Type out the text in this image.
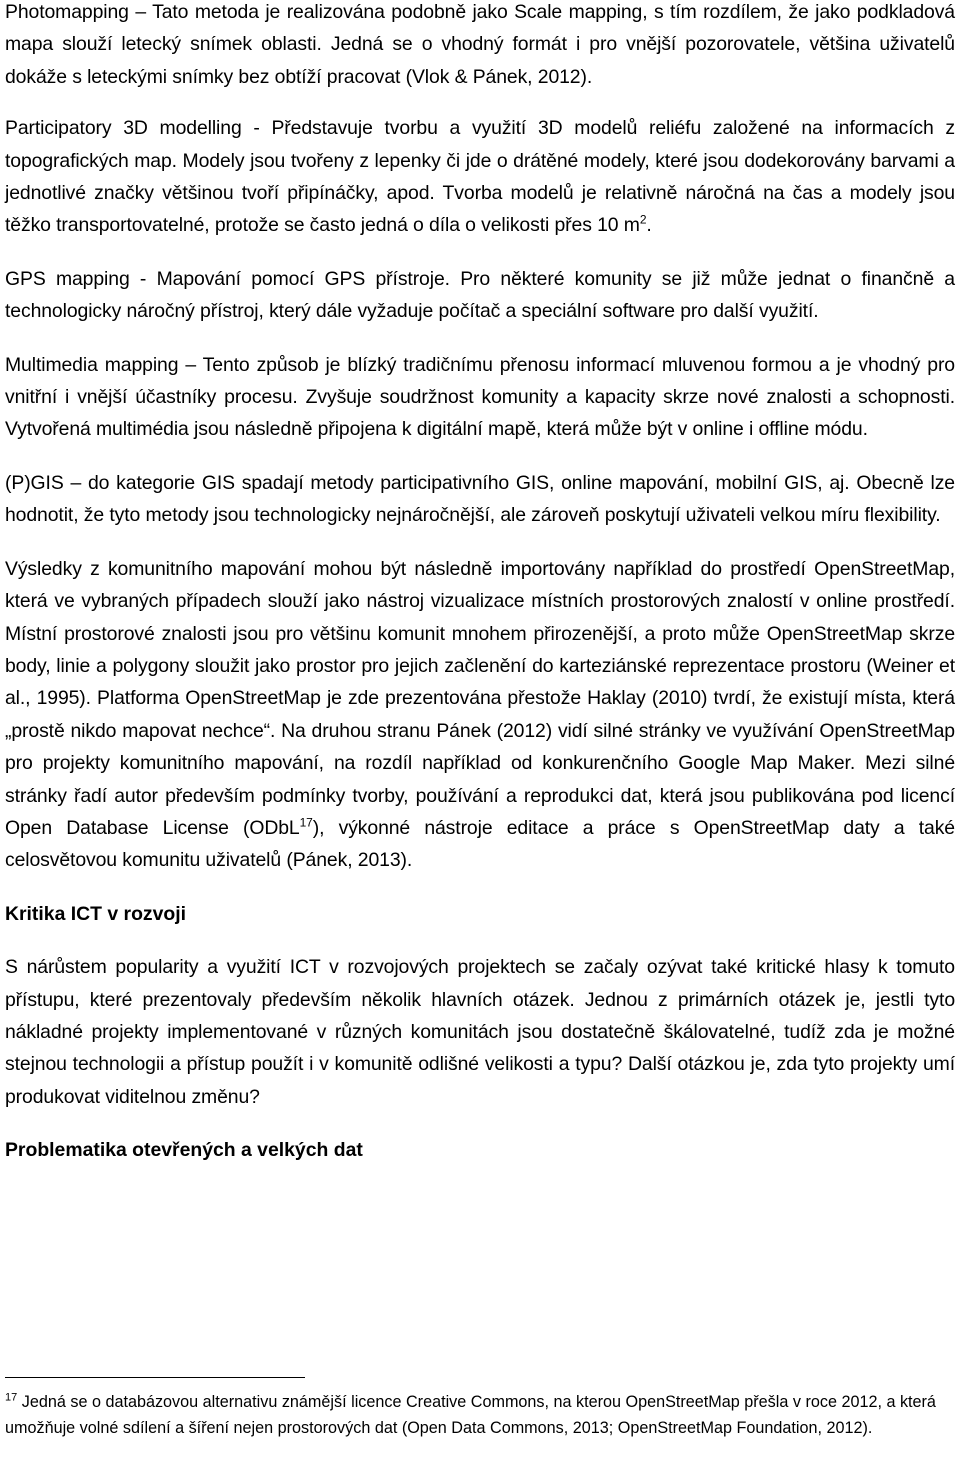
Photomapping – Tato metoda je realizována podobně jako Scale mapping, s tím rozdílem, že jako podkladová mapa slouží letecký snímek oblasti. Jedná se o vhodný formát i pro vnější pozorovatele, většina uživatelů dokáže s leteckými snímky bez obtíží pracovat (Vlok & Pánek, 2012).

Participatory 3D modelling - Představuje tvorbu a využití 3D modelů reliéfu založené na informacích z topografických map. Modely jsou tvořeny z lepenky či jde o drátěné modely, které jsou dodekorovány barvami a jednotlivé značky většinou tvoří připínáčky, apod. Tvorba modelů je relativně náročná na čas a modely jsou těžko transportovatelné, protože se často jedná o díla o velikosti přes 10 $m^2$.

GPS mapping - Mapování pomocí GPS přístroje. Pro některé komunity se již může jednat o finančně a technologicky náročný přístroj, který dále vyžaduje počítač a speciální software pro další využití.

Multimedia mapping – Tento způsob je blízký tradičnímu přenosu informací mluvenou formou a je vhodný pro vnitřní i vnější účastníky procesu. Zvyšuje soudržnost komunity a kapacity skrze nové znalosti a schopnosti. Vytvořená multimédia jsou následně připojena k digitální mapě, která může být v online i offline módu.

(P)GIS – do kategorie GIS spadají metody participativního GIS, online mapování, mobilní GIS, aj. Obecně lze hodnotit, že tyto metody jsou technologicky nejnáročnější, ale zároveň poskytují uživateli velkou míru flexibility.

Výsledky z komunitního mapování mohou být následně importovány například do prostředí OpenStreetMap, která ve vybraných případech slouží jako nástroj vizualizace místních prostorových znalostí v online prostředí. Místní prostorové znalosti jsou pro většinu komunit mnohem přirozenější, a proto může OpenStreetMap skrze body, linie a polygony sloužit jako prostor pro jejich začlenění do karteziánské reprezentace prostoru (Weiner et al., 1995). Platforma OpenStreetMap je zde prezentována přestože Haklay (2010) tvrdí, že existují místa, která „prostě nikdo mapovat nechce“. Na druhou stranu Pánek (2012) vidí silné stránky ve využívání OpenStreetMap pro projekty komunitního mapování, na rozdíl například od konkurenčního Google Map Maker. Mezi silné stránky řadí autor především podmínky tvorby, používání a reprodukci dat, která jsou publikována pod licencí Open Database License (ODbL$^{17}$), výkonné nástroje editace a práce s OpenStreetMap daty a také celosvětovou komunitu uživatelů (Pánek, 2013).

Kritika ICT v rozvoji

S nárůstem popularity a využití ICT v rozvojových projektech se začaly ozývat také kritické hlasy k tomuto přístupu, které prezentovaly především několik hlavních otázek. Jednou z primárních otázek je, jestli tyto nákladné projekty implementované v různých komunitách jsou dostatečně škálovatelné, tudíž zda je možné stejnou technologii a přístup použít i v komunitě odlišné velikosti a typu? Další otázkou je, zda tyto projekty umí produkovat viditelnou změnu?

Problematika otevřených a velkých dat

$^{17}$ Jedná se o databázovou alternativu známější licence Creative Commons, na kterou OpenStreetMap přešla v roce 2012, a která umožňuje volné sdílení a šíření nejen prostorových dat (Open Data Commons, 2013; OpenStreetMap Foundation, 2012).
